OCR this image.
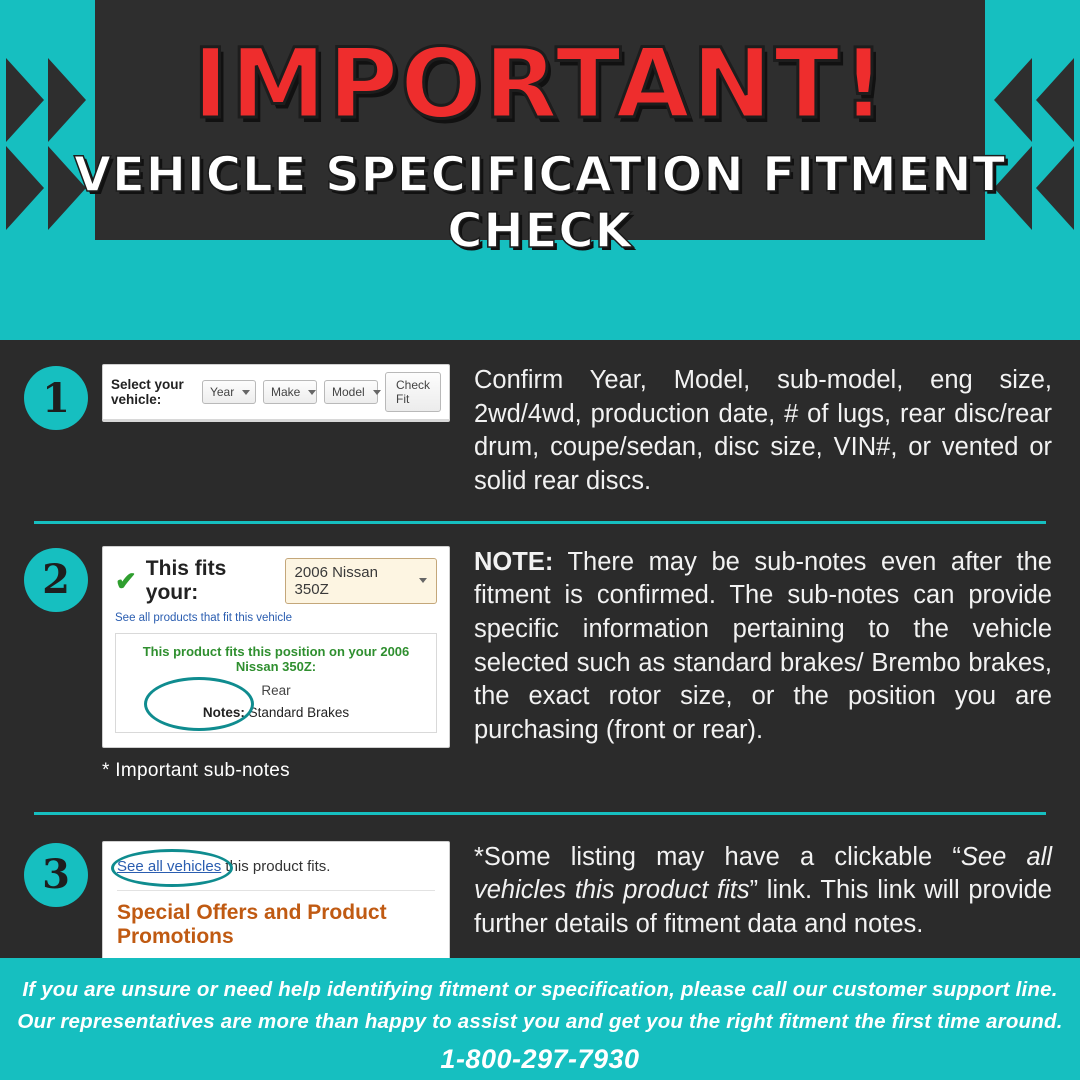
IMPORTANT!
VEHICLE SPECIFICATION FITMENT CHECK
1	Select your vehicle:	Year	Make	Model	Check Fit
Confirm Year, Model, sub-model, eng size, 2wd/4wd, production date, # of lugs, rear disc/rear drum, coupe/sedan, disc size, VIN#, or vented or solid rear discs.
2	✔ This fits your:
2006 Nissan 350Z
See all products that fit this vehicle
This product fits this position on your 2006 Nissan 350Z:
Rear
Notes: Standard Brakes
* Important sub-notes
NOTE: There may be sub-notes even after the fitment is confirmed. The sub-notes can provide specific information pertaining to the vehicle selected such as standard brakes/ Brembo brakes, the exact rotor size, or the position you are purchasing (front or rear).
3	See all vehicles this product fits.
Special Offers and Product Promotions
*Some listing may have a clickable “See all vehicles this product fits” link. This link will provide further details of fitment data and notes.
If you are unsure or need help identifying fitment or specification, please call our customer support line.
Our representatives are more than happy to assist you and get you the right fitment the first time around.
1-800-297-7930
